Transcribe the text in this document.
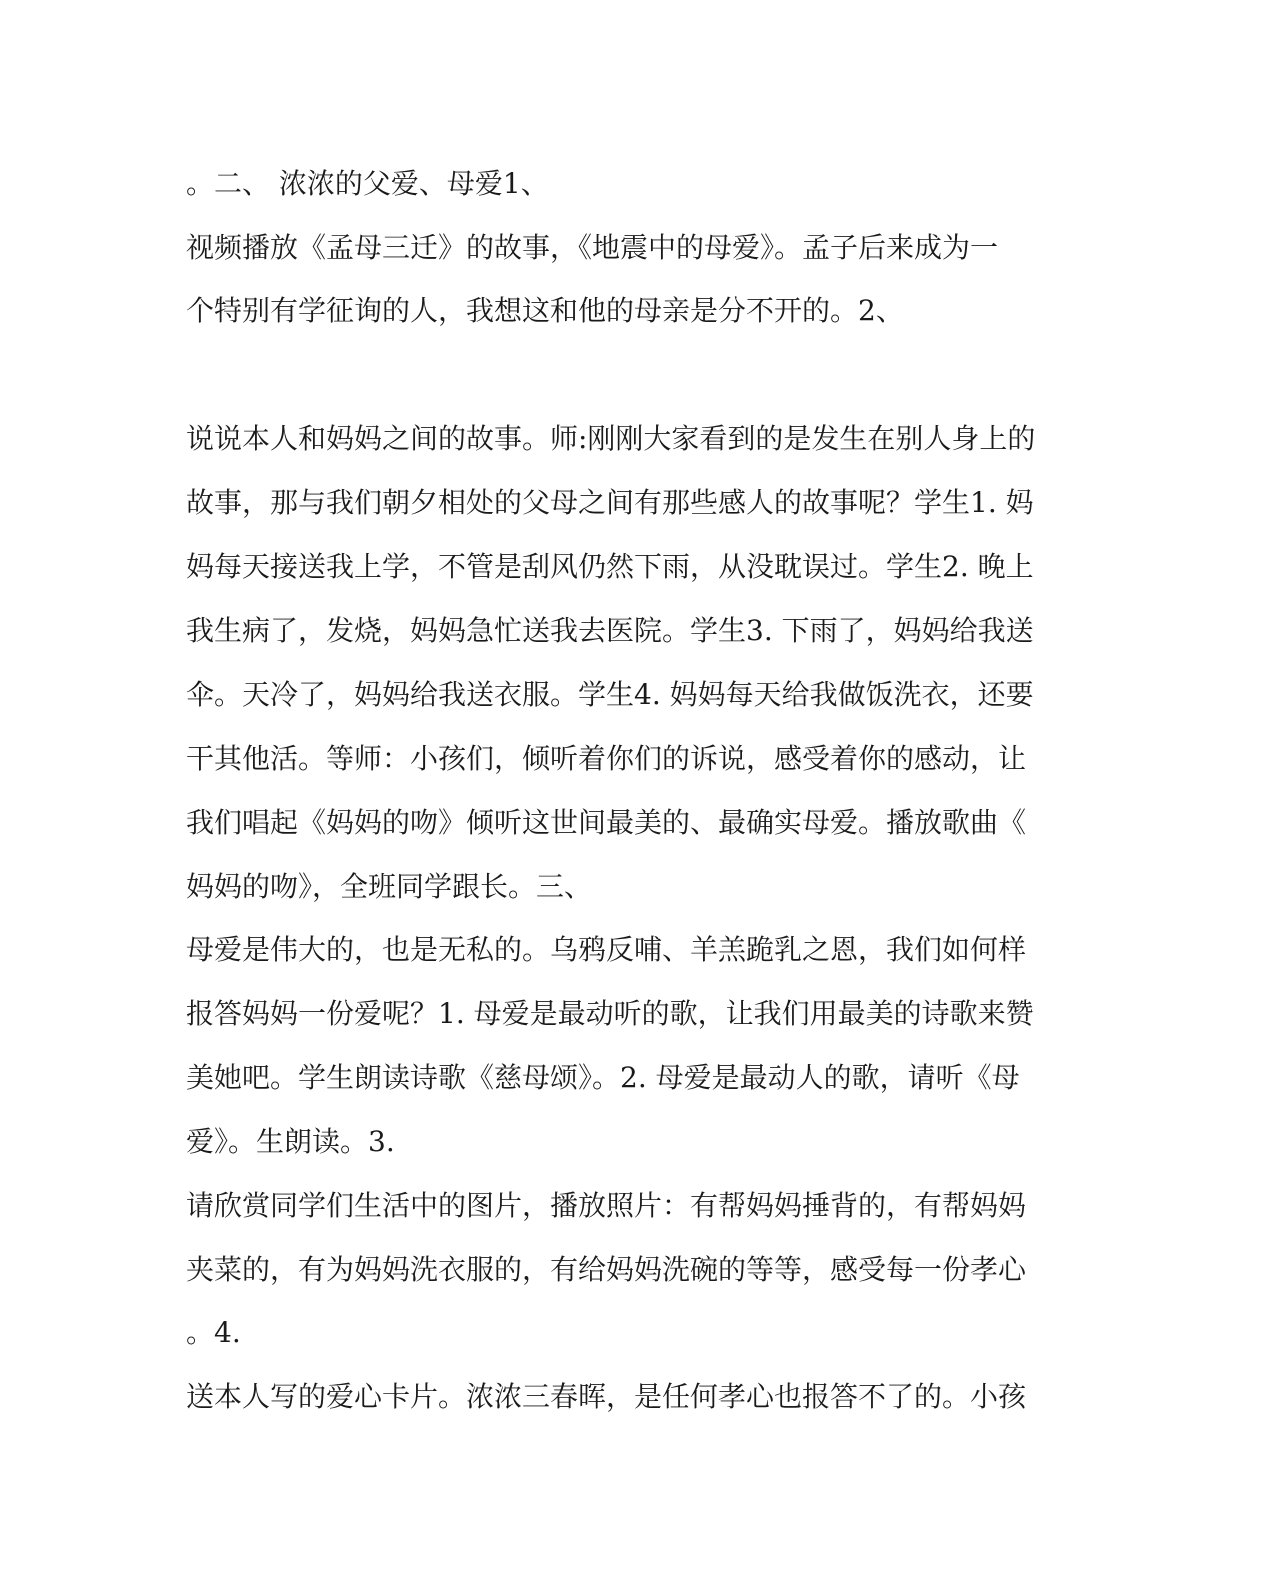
。二、 浓浓的父爱、母爱1、
视频播放《孟母三迁》的故事，《地震中的母爱》。孟子后来成为一
个特别有学征询的人，我想这和他的母亲是分不开的。2、
说说本人和妈妈之间的故事。师:刚刚大家看到的是发生在别人身上的
故事，那与我们朝夕相处的父母之间有那些感人的故事呢？学生1. 妈
妈每天接送我上学，不管是刮风仍然下雨，从没耽误过。学生2. 晚上
我生病了，发烧，妈妈急忙送我去医院。学生3. 下雨了，妈妈给我送
伞。天冷了，妈妈给我送衣服。学生4. 妈妈每天给我做饭洗衣，还要
干其他活。等师：小孩们，倾听着你们的诉说，感受着你的感动，让
我们唱起《妈妈的吻》倾听这世间最美的、最确实母爱。播放歌曲《
妈妈的吻》，全班同学跟长。三、
母爱是伟大的，也是无私的。乌鸦反哺、羊羔跪乳之恩，我们如何样
报答妈妈一份爱呢？1. 母爱是最动听的歌，让我们用最美的诗歌来赞
美她吧。学生朗读诗歌《慈母颂》。2. 母爱是最动人的歌，请听《母
爱》。生朗读。3.
请欣赏同学们生活中的图片，播放照片：有帮妈妈捶背的，有帮妈妈
夹菜的，有为妈妈洗衣服的，有给妈妈洗碗的等等，感受每一份孝心
。4.
送本人写的爱心卡片。浓浓三春晖，是任何孝心也报答不了的。小孩
